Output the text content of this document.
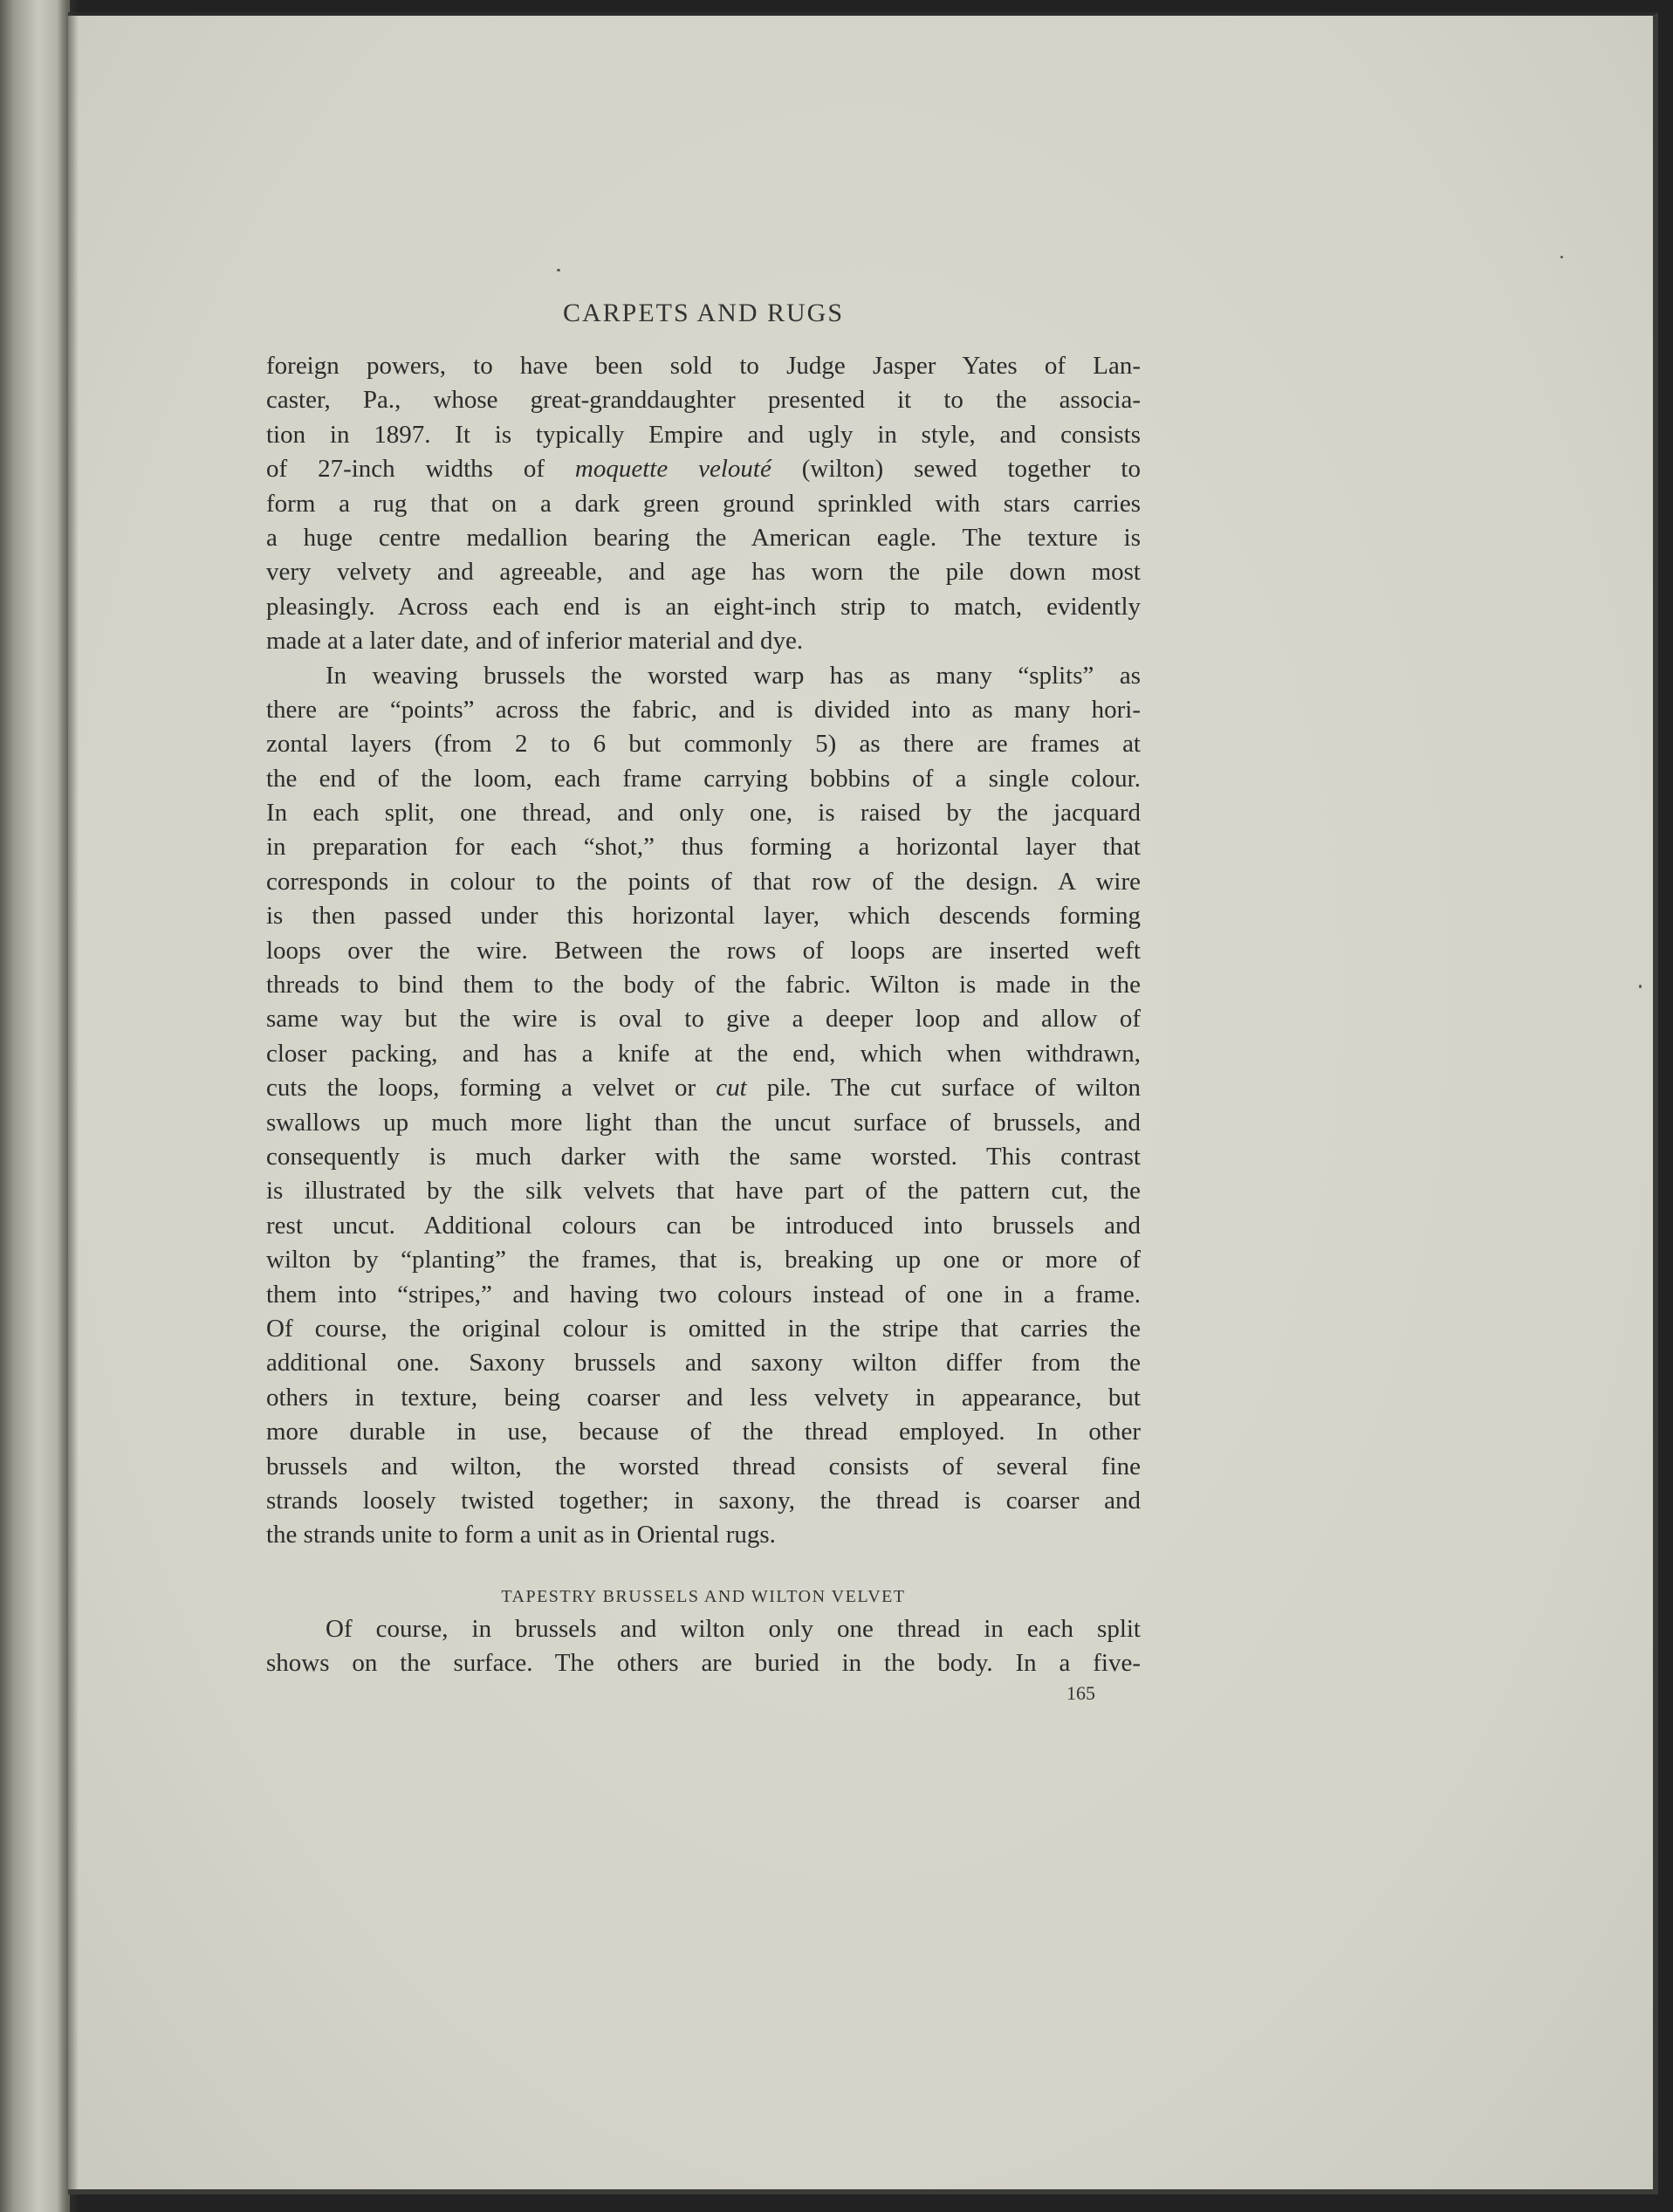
CARPETS AND RUGS
foreign powers, to have been sold to Judge Jasper Yates of Lan-
caster, Pa., whose great-granddaughter presented it to the associa-
tion in 1897. It is typically Empire and ugly in style, and consists
of 27-inch widths of moquette velouté (wilton) sewed together to
form a rug that on a dark green ground sprinkled with stars carries
a huge centre medallion bearing the American eagle. The texture is
very velvety and agreeable, and age has worn the pile down most
pleasingly. Across each end is an eight-inch strip to match, evidently
made at a later date, and of inferior material and dye.
In weaving brussels the worsted warp has as many “splits” as
there are “points” across the fabric, and is divided into as many hori-
zontal layers (from 2 to 6 but commonly 5) as there are frames at
the end of the loom, each frame carrying bobbins of a single colour.
In each split, one thread, and only one, is raised by the jacquard
in preparation for each “shot,” thus forming a horizontal layer that
corresponds in colour to the points of that row of the design. A wire
is then passed under this horizontal layer, which descends forming
loops over the wire. Between the rows of loops are inserted weft
threads to bind them to the body of the fabric. Wilton is made in the
same way but the wire is oval to give a deeper loop and allow of
closer packing, and has a knife at the end, which when withdrawn,
cuts the loops, forming a velvet or cut pile. The cut surface of wilton
swallows up much more light than the uncut surface of brussels, and
consequently is much darker with the same worsted. This contrast
is illustrated by the silk velvets that have part of the pattern cut, the
rest uncut. Additional colours can be introduced into brussels and
wilton by “planting” the frames, that is, breaking up one or more of
them into “stripes,” and having two colours instead of one in a frame.
Of course, the original colour is omitted in the stripe that carries the
additional one. Saxony brussels and saxony wilton differ from the
others in texture, being coarser and less velvety in appearance, but
more durable in use, because of the thread employed. In other
brussels and wilton, the worsted thread consists of several fine
strands loosely twisted together; in saxony, the thread is coarser and
the strands unite to form a unit as in Oriental rugs.
TAPESTRY BRUSSELS AND WILTON VELVET
Of course, in brussels and wilton only one thread in each split
shows on the surface. The others are buried in the body. In a five-
165
